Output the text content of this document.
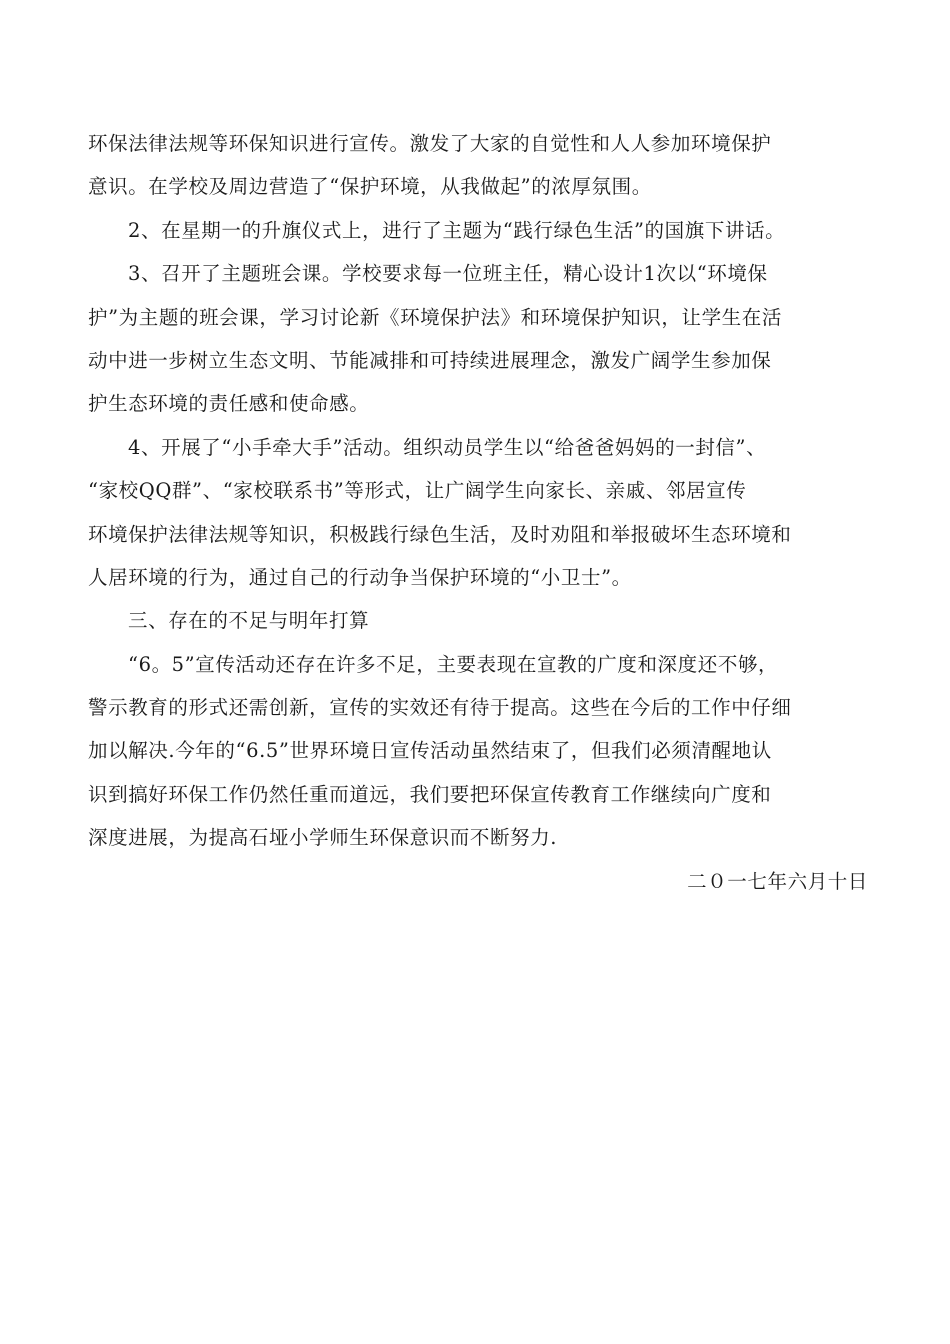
环保法律法规等环保知识进行宣传。激发了大家的自觉性和人人参加环境保护
意识。在学校及周边营造了“保护环境，从我做起”的浓厚氛围。
2、在星期一的升旗仪式上，进行了主题为“践行绿色生活”的国旗下讲话。
3、召开了主题班会课。学校要求每一位班主任，精心设计1次以“环境保
护”为主题的班会课，学习讨论新《环境保护法》和环境保护知识，让学生在活
动中进一步树立生态文明、节能减排和可持续进展理念，激发广阔学生参加保
护生态环境的责任感和使命感。
4、开展了“小手牵大手”活动。组织动员学生以“给爸爸妈妈的一封信”、
“家校QQ群”、“家校联系书”等形式，让广阔学生向家长、亲戚、邻居宣传
环境保护法律法规等知识，积极践行绿色生活，及时劝阻和举报破坏生态环境和
人居环境的行为，通过自己的行动争当保护环境的“小卫士”。
三、存在的不足与明年打算
“6。5”宣传活动还存在许多不足，主要表现在宣教的广度和深度还不够，
警示教育的形式还需创新，宣传的实效还有待于提高。这些在今后的工作中仔细
加以解决.今年的“6.5”世界环境日宣传活动虽然结束了，但我们必须清醒地认
识到搞好环保工作仍然任重而道远，我们要把环保宣传教育工作继续向广度和
深度进展，为提高石垭小学师生环保意识而不断努力.
二０一七年六月十日
